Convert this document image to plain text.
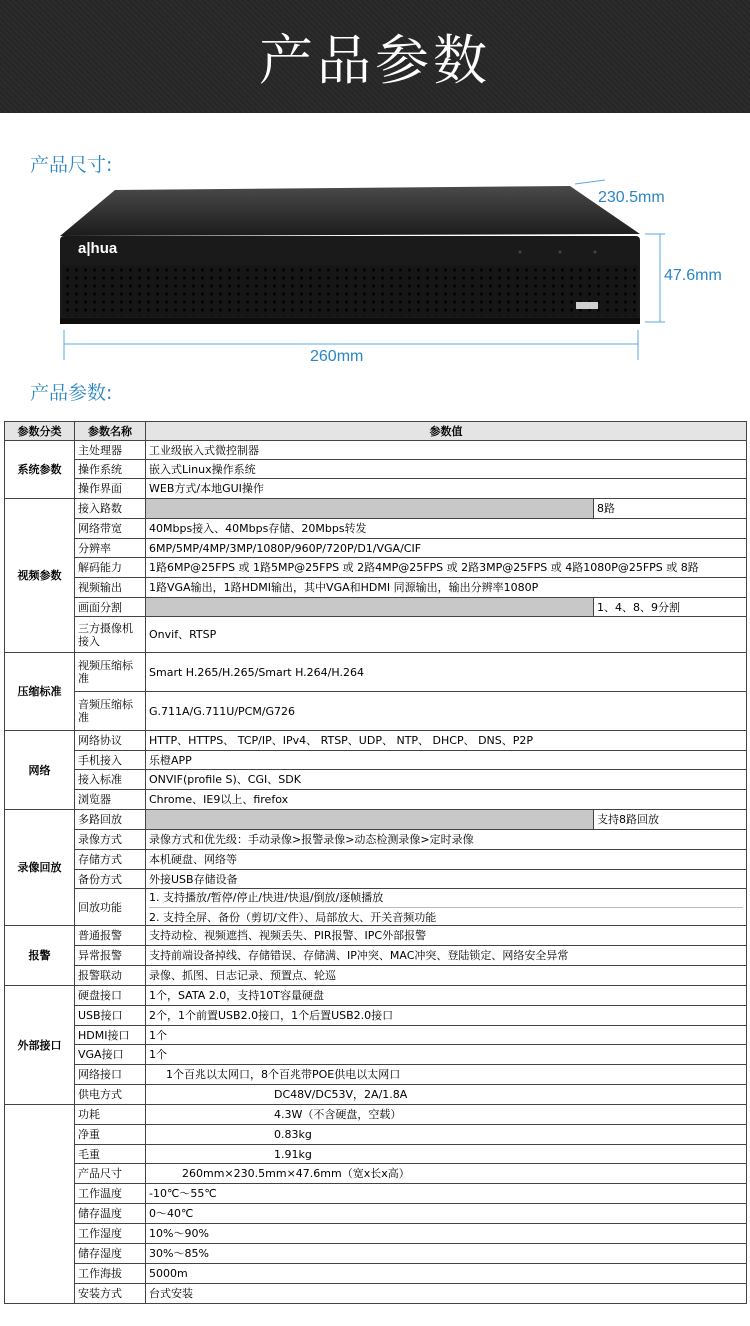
产品参数
产品尺寸:
a|hua
230.5mm
47.6mm
260mm
产品参数:
参数分类	参数名称	参数值	
系统参数	主处理器	工业级嵌入式微控制器	
	操作系统	嵌入式Linux操作系统	
	操作界面	WEB方式/本地GUI操作	
视频参数	接入路数		8路
	网络带宽	40Mbps接入、40Mbps存储、20Mbps转发	
	分辨率	6MP/5MP/4MP/3MP/1080P/960P/720P/D1/VGA/CIF	
	解码能力	1路6MP@25FPS 或 1路5MP@25FPS 或 2路4MP@25FPS 或 2路3MP@25FPS 或 4路1080P@25FPS 或 8路	
	视频输出	1路VGA输出，1路HDMI输出，其中VGA和HDMI 同源输出，输出分辨率1080P	
	画面分割		1、4、8、9分割
	三方摄像机接入	Onvif、RTSP	
压缩标准	视频压缩标准	Smart H.265/H.265/Smart H.264/H.264	
	音频压缩标准	G.711A/G.711U/PCM/G726	
网络	网络协议	HTTP、HTTPS、 TCP/IP、IPv4、 RTSP、UDP、 NTP、 DHCP、 DNS、P2P	
	手机接入	乐橙APP	
	接入标准	ONVIF(profile S)、CGI、SDK	
	浏览器	Chrome、IE9以上、firefox	
录像回放	多路回放		支持8路回放
	录像方式	录像方式和优先级：手动录像>报警录像>动态检测录像>定时录像	
	存储方式	本机硬盘、网络等	
	备份方式	外接USB存储设备	
	回放功能	1. 支持播放/暂停/停止/快进/快退/倒放/逐帧播放
2. 支持全屏、备份（剪切/文件）、局部放大、开关音频功能	

报警	普通报警	支持动检、视频遮挡、视频丢失、PIR报警、IPC外部报警	
	异常报警	支持前端设备掉线、存储错误、存储满、IP冲突、MAC冲突、登陆锁定、网络安全异常	
	报警联动	录像、抓图、日志记录、预置点、轮巡	
外部接口	硬盘接口	1个，SATA 2.0，支持10T容量硬盘	
	USB接口	2个，1个前置USB2.0接口，1个后置USB2.0接口	
	HDMI接口	1个	
	VGA接口	1个	
	网络接口	1个百兆以太网口，8个百兆带POE供电以太网口	
	供电方式	DC48V/DC53V，2A/1.8A	
	功耗	4.3W（不含硬盘，空载）	
	净重	0.83kg	
	毛重	1.91kg	
	产品尺寸	260mm×230.5mm×47.6mm（宽x长x高）	
	工作温度	-10℃～55℃	
	储存温度	0～40℃	
	工作湿度	10%～90%	
	储存湿度	30%～85%	
	工作海拔	5000m	
	安装方式	台式安装	
